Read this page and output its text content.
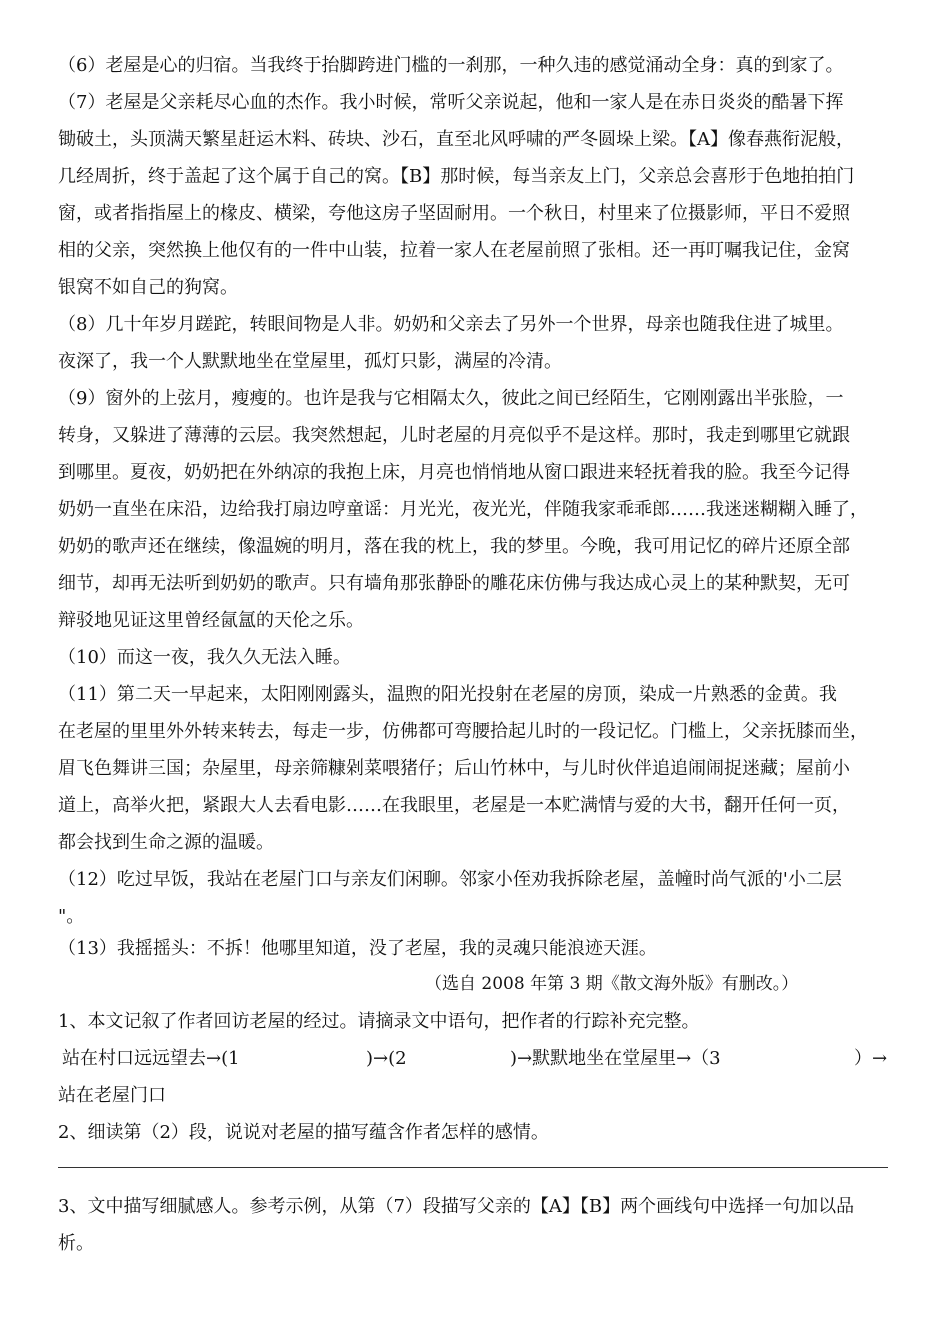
（6）老屋是心的归宿。当我终于抬脚跨进门槛的一刹那，一种久违的感觉涌动全身：真的到家了。
（7）老屋是父亲耗尽心血的杰作。我小时候，常听父亲说起，他和一家人是在赤日炎炎的酷暑下挥
锄破土，头顶满天繁星赶运木料、砖块、沙石，直至北风呼啸的严冬圆垛上梁。【A】像春燕衔泥般，
几经周折，终于盖起了这个属于自己的窝。【B】那时候，每当亲友上门，父亲总会喜形于色地拍拍门
窗，或者指指屋上的椽皮、横梁，夸他这房子坚固耐用。一个秋日，村里来了位摄影师，平日不爱照
相的父亲，突然换上他仅有的一件中山装，拉着一家人在老屋前照了张相。还一再叮嘱我记住，金窝
银窝不如自己的狗窝。
（8）几十年岁月蹉跎，转眼间物是人非。奶奶和父亲去了另外一个世界，母亲也随我住进了城里。
夜深了，我一个人默默地坐在堂屋里，孤灯只影，满屋的冷清。
（9）窗外的上弦月，瘦瘦的。也许是我与它相隔太久，彼此之间已经陌生，它刚刚露出半张脸，一
转身，又躲进了薄薄的云层。我突然想起，儿时老屋的月亮似乎不是这样。那时，我走到哪里它就跟
到哪里。夏夜，奶奶把在外纳凉的我抱上床，月亮也悄悄地从窗口跟进来轻抚着我的脸。我至今记得
奶奶一直坐在床沿，边给我打扇边哼童谣：月光光，夜光光，伴随我家乖乖郎……我迷迷糊糊入睡了，
奶奶的歌声还在继续，像温婉的明月，落在我的枕上，我的梦里。今晚，我可用记忆的碎片还原全部
细节，却再无法听到奶奶的歌声。只有墙角那张静卧的雕花床仿佛与我达成心灵上的某种默契，无可
辩驳地见证这里曾经氤氲的天伦之乐。
（10）而这一夜，我久久无法入睡。
（11）第二天一早起来，太阳刚刚露头，温煦的阳光投射在老屋的房顶，染成一片熟悉的金黄。我
在老屋的里里外外转来转去，每走一步，仿佛都可弯腰拾起儿时的一段记忆。门槛上，父亲抚膝而坐，
眉飞色舞讲三国；杂屋里，母亲筛糠剁菜喂猪仔；后山竹林中，与儿时伙伴追追闹闹捉迷藏；屋前小
道上，高举火把，紧跟大人去看电影……在我眼里，老屋是一本贮满情与爱的大书，翻开任何一页，
都会找到生命之源的温暖。
（12）吃过早饭，我站在老屋门口与亲友们闲聊。邻家小侄劝我拆除老屋，盖幢时尚气派的'小二层
"。
（13）我摇摇头：不拆！他哪里知道，没了老屋，我的灵魂只能浪迹天涯。
（选自 2008 年第 3 期《散文海外版》有删改。）
1、本文记叙了作者回访老屋的经过。请摘录文中语句，把作者的行踪补充完整。
站在村口远远望去→(1	)→(2	)→默默地坐在堂屋里→（3	）→
站在老屋门口
2、细读第（2）段，说说对老屋的描写蕴含作者怎样的感情。
3、文中描写细腻感人。参考示例，从第（7）段描写父亲的【A】【B】两个画线句中选择一句加以品
析。
